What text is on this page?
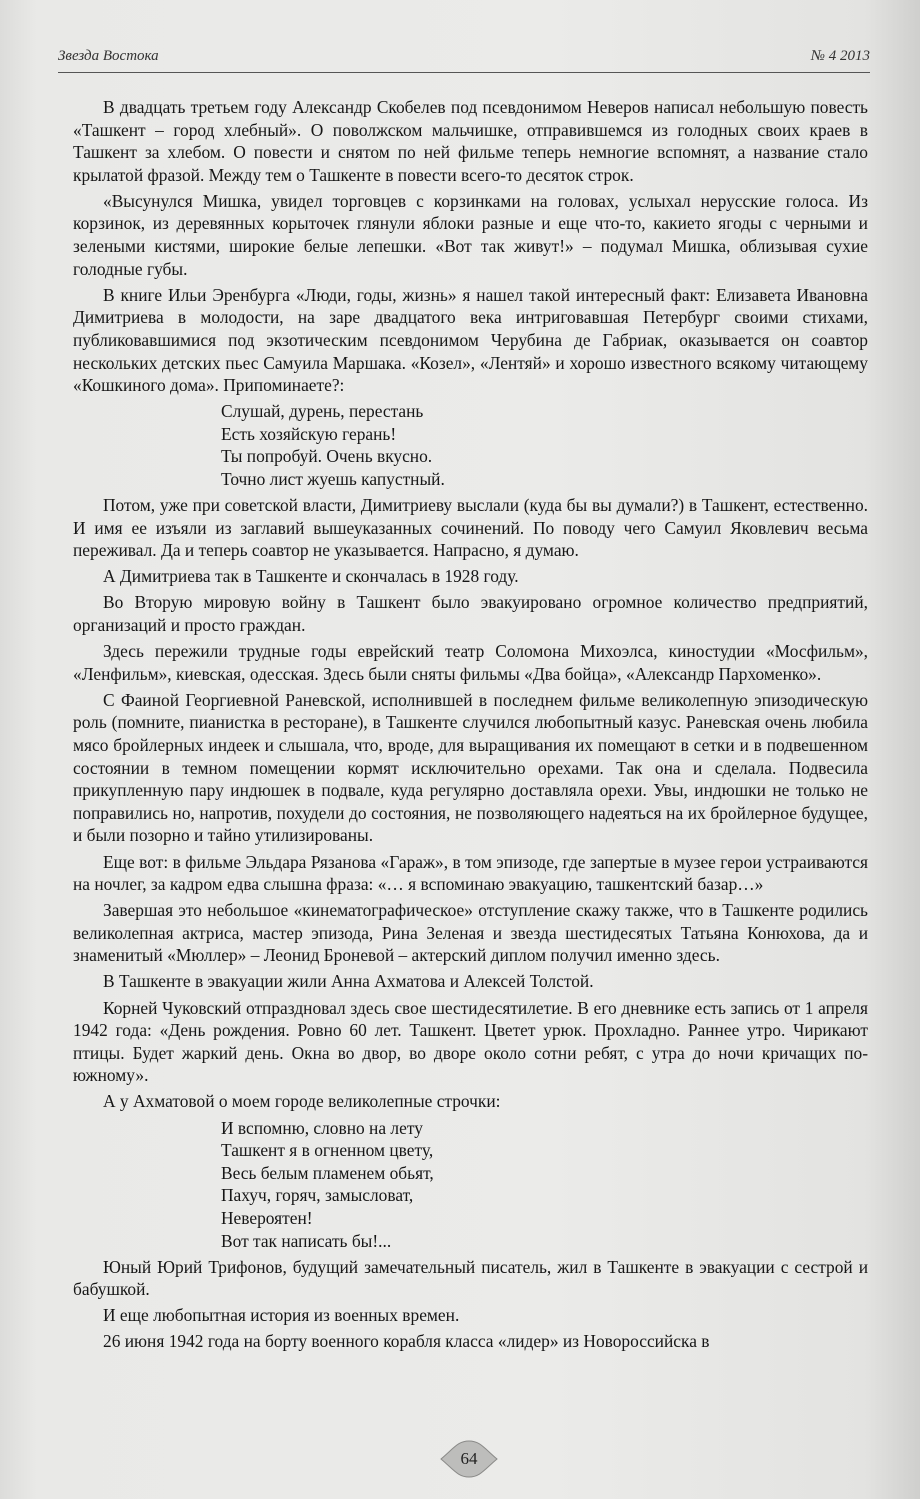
Звезда Востока	№ 4 2013

В двадцать третьем году Александр Скобелев под псевдонимом Неверов написал небольшую повесть «Ташкент – город хлебный». О поволжском мальчишке, отправившемся из голодных своих краев в Ташкент за хлебом. О повести и снятом по ней фильме теперь немногие вспомнят, а название стало крылатой фразой. Между тем о Ташкенте в повести всего-то десяток строк.

«Высунулся Мишка, увидел торговцев с корзинками на головах, услыхал нерусские голоса. Из корзинок, из деревянных корыточек глянули яблоки разные и еще что-то, какието ягоды с черными и зелеными кистями, широкие белые лепешки. «Вот так живут!» – подумал Мишка, облизывая сухие голодные губы.

В книге Ильи Эренбурга «Люди, годы, жизнь» я нашел такой интересный факт: Елизавета Ивановна Димитриева в молодости, на заре двадцатого века интриговавшая Петербург своими стихами, публиковавшимися под экзотическим псевдонимом Черубина де Габриак, оказывается он соавтор нескольких детских пьес Самуила Маршака. «Козел», «Лентяй» и хорошо известного всякому читающему «Кошкиного дома». Припоминаете?:

Слушай, дурень, перестань
Есть хозяйскую герань!
Ты попробуй. Очень вкусно.
Точно лист жуешь капустный.

Потом, уже при советской власти, Димитриеву выслали (куда бы вы думали?) в Ташкент, естественно. И имя ее изъяли из заглавий вышеуказанных сочинений. По поводу чего Самуил Яковлевич весьма переживал. Да и теперь соавтор не указывается. Напрасно, я думаю.

А Димитриева так в Ташкенте и скончалась в 1928 году.

Во Вторую мировую войну в Ташкент было эвакуировано огромное количество предприятий, организаций и просто граждан.

Здесь пережили трудные годы еврейский театр Соломона Михоэлса, киностудии «Мосфильм», «Ленфильм», киевская, одесская. Здесь были сняты фильмы «Два бойца», «Александр Пархоменко».

С Фаиной Георгиевной Раневской, исполнившей в последнем фильме великолепную эпизодическую роль (помните, пианистка в ресторане), в Ташкенте случился любопытный казус. Раневская очень любила мясо бройлерных индеек и слышала, что, вроде, для выращивания их помещают в сетки и в подвешенном состоянии в темном помещении кормят исключительно орехами. Так она и сделала. Подвесила прикупленную пару индюшек в подвале, куда регулярно доставляла орехи. Увы, индюшки не только не поправились но, напротив, похудели до состояния, не позволяющего надеяться на их бройлерное будущее, и были позорно и тайно утилизированы.

Еще вот: в фильме Эльдара Рязанова «Гараж», в том эпизоде, где запертые в музее герои устраиваются на ночлег, за кадром едва слышна фраза: «… я вспоминаю эвакуацию, ташкентский базар…»

Завершая это небольшое «кинематографическое» отступление скажу также, что в Ташкенте родились великолепная актриса, мастер эпизода, Рина Зеленая и звезда шестидесятых Татьяна Конюхова, да и знаменитый «Мюллер» – Леонид Броневой – актерский диплом получил именно здесь.

В Ташкенте в эвакуации жили Анна Ахматова и Алексей Толстой.

Корней Чуковский отпраздновал здесь свое шестидесятилетие. В его дневнике есть запись от 1 апреля 1942 года: «День рождения. Ровно 60 лет. Ташкент. Цветет урюк. Прохладно. Раннее утро. Чирикают птицы. Будет жаркий день. Окна во двор, во дворе около сотни ребят, с утра до ночи кричащих по-южному».

А у Ахматовой о моем городе великолепные строчки:

И вспомню, словно на лету
Ташкент я в огненном цвету,
Весь белым пламенем обьят,
Пахуч, горяч, замысловат,
Невероятен!
Вот так написать бы!...

Юный Юрий Трифонов, будущий замечательный писатель, жил в Ташкенте в эвакуации с сестрой и бабушкой.

И еще любопытная история из военных времен.

26 июня 1942 года на борту военного корабля класса «лидер» из Новороссийска в

64
